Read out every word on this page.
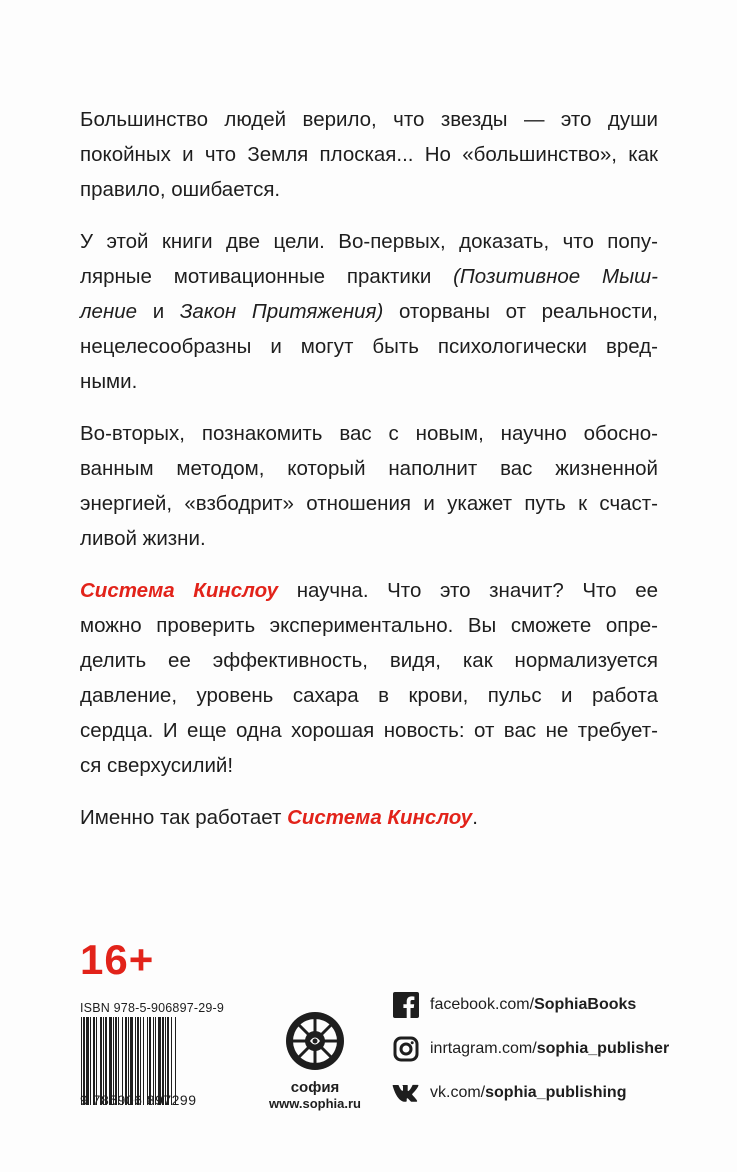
Большинство людей верило, что звезды — это души
покойных и что Земля плоская... Но «большинство», как
правило, ошибается.

У этой книги две цели. Во-первых, доказать, что попу-
лярные мотивационные практики (Позитивное Мыш-
ление и Закон Притяжения) оторваны от реальности,
нецелесообразны и могут быть психологически вред-
ными.

Во-вторых, познакомить вас с новым, научно обосно-
ванным методом, который наполнит вас жизненной
энергией, «взбодрит» отношения и укажет путь к счаст-
ливой жизни.

Система Кинслоу научна. Что это значит? Что ее
можно проверить экспериментально. Вы сможете опре-
делить ее эффективность, видя, как нормализуется
давление, уровень сахара в крови, пульс и работа
сердца. И еще одна хорошая новость: от вас не требует-
ся сверхусилий!

Именно так работает Система Кинслоу.

16+
ISBN 978-5-906897-29-9
9 785906 897299
софия
www.sophia.ru
facebook.com/SophiaBooks
inrtagram.com/sophia_publisher
vk.com/sophia_publishing
